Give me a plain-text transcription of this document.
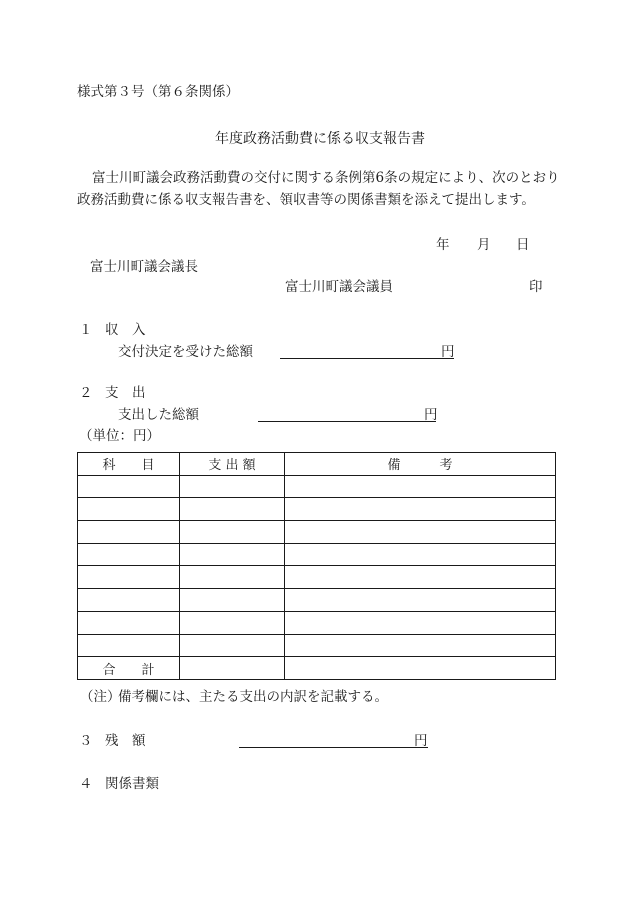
様式第３号（第６条関係）
年度政務活動費に係る収支報告書
富士川町議会政務活動費の交付に関する条例第6条の規定により、次のとおり
政務活動費に係る収支報告書を、領収書等の関係書類を添えて提出します。
年 月 日
富士川町議会議長
富士川町議会議員	印
１ 収　入
交付決定を受けた総額	円
２ 支　出
支出した総額	円
（単位：円）
科　　目	支 出 額	備　　　考

合　　計		
（注）
備考欄には、主たる支出の内訳を記載する。
３ 残　額	円
４ 関係書類
